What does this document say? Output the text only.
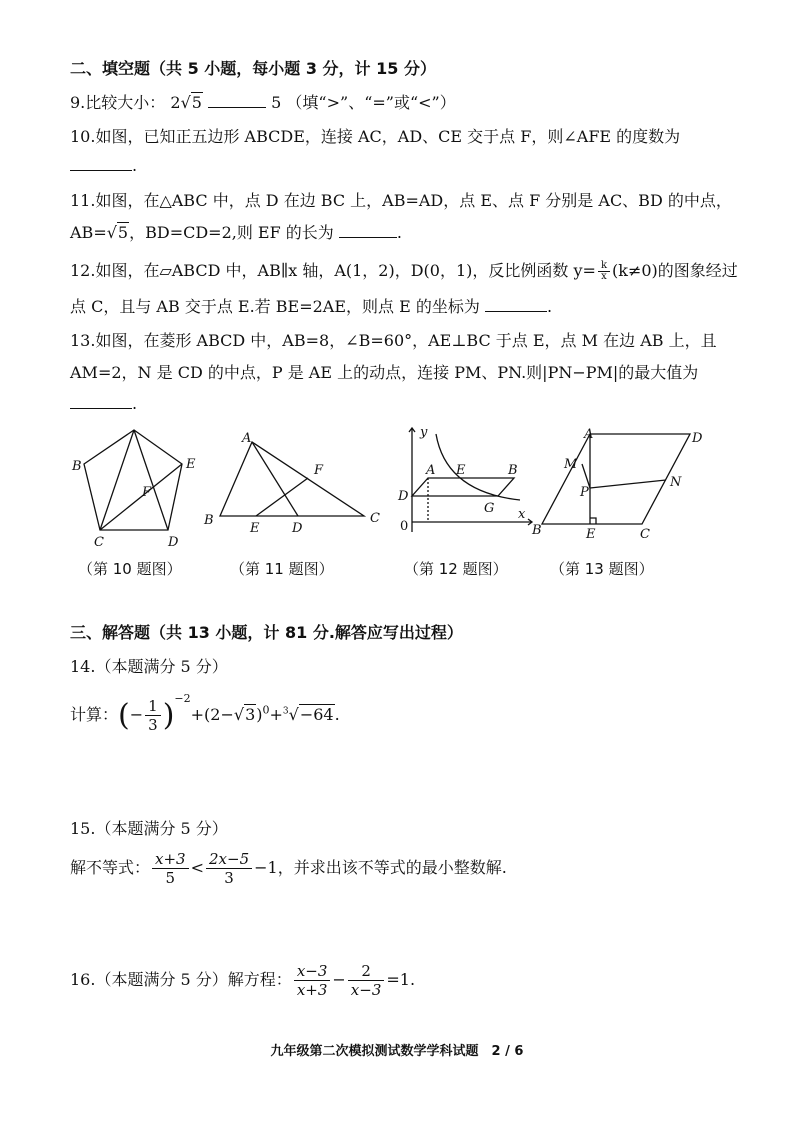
二、填空题（共 5 小题，每小题 3 分，计 15 分）
9.比较大小： 2√5	5 （填“>”、“=”或“<”）
10.如图，已知正五边形 ABCDE，连接 AC，AD、CE 交于点 F，则∠AFE 的度数为
.
11.如图，在△ABC 中，点 D 在边 BC 上，AB=AD，点 E、点 F 分别是 AC、BD 的中点，
AB=√5，BD=CD=2,则 EF 的长为	.
12.如图，在▱ABCD 中，AB∥x 轴，A(1，2)，D(0，1)，反比例函数 $y= \frac{k}{x} (k\ne 0)$的图象经过
点 C，且与 AB 交于点 E.若 BE=2AE，则点 E 的坐标为	.
13.如图，在菱形 ABCD 中，AB=8，∠B=60°，AE⊥BC 于点 E，点 M 在边 AB 上，且
AM=2，N 是 CD 的中点，P 是 AE 上的动点，连接 PM、PN.则|PN−PM|的最大值为
.
B	E
F
C	D
A
F
B
E	D
C
y
A E	B
D
G
0
x
A	D
M
N
P
B	E	C
（第 10 题图）	（第 11 题图）	（第 12 题图）	（第 13 题图）
三、解答题（共 13 小题，计 81 分.解答应写出过程）
14.（本题满分 5 分）
计算：(− $\frac{1}{3} )^{-2}+(2-√3)^0+^3√-64$.
15.（本题满分 5 分）
解不等式： $\frac{x+3}{5} < \frac{2x-5}{3} -1$，并求出该不等式的最小整数解.
16.（本题满分 5 分）解方程： $\frac{x-3}{x+3} - \frac{2}{x-3} =1$.
九年级第二次模拟测试数学学科试题　2 / 6
